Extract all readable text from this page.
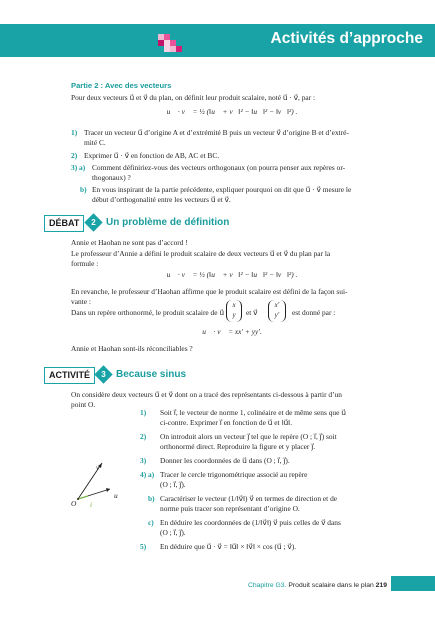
Activités d’approche
Partie 2 : Avec des vecteurs
Pour deux vecteurs u⃗ et v⃗ du plan, on définit leur produit scalaire, noté u⃗ · v⃗, par :
u⃗ · v⃗ = ½ (‖u⃗ + v⃗‖² − ‖u⃗‖² − ‖v⃗‖²) .
1) Tracer un vecteur u⃗ d’origine A et d’extrémité B puis un vecteur v⃗ d’origine B et d’extré-
mité C.
2) Exprimer u⃗ · v⃗ en fonction de AB, AC et BC.
3) a) Comment définiriez-vous des vecteurs orthogonaux (on pourra penser aux repères or-
thogonaux) ?
b) En vous inspirant de la partie précédente, expliquer pourquoi on dit que u⃗ · v⃗ mesure le
début d’orthogonalité entre les vecteurs u⃗ et v⃗.
DÉBAT	2	Un problème de définition
Annie et Haohan ne sont pas d’accord !
Le professeur d’Annie a défini le produit scalaire de deux vecteurs u⃗ et v⃗ du plan par la
formule :
u⃗ · v⃗ = ½ (‖u⃗ + v⃗‖² − ‖u⃗‖² − ‖v⃗‖²) .
En revanche, le professeur d’Haohan affirme que le produit scalaire est défini de la façon sui-
vante :
Dans un repère orthonormé, le produit scalaire de u⃗
x
y	et v⃗
x′
y′	est donné par :
u⃗ · v⃗ = xx′ + yy′.
Annie et Haohan sont-ils réconciliables ?
ACTIVITÉ	3	Because sinus
On considère deux vecteurs u⃗ et v⃗ dont on a tracé des représentants ci-dessous à partir d’un
point O.
v⃗
u⃗
i⃗
O
1) Soit i⃗, le vecteur de norme 1, colinéaire et de même sens que u⃗
ci-contre. Exprimer i⃗ en fonction de u⃗ et ‖u⃗‖.
2) On introduit alors un vecteur j⃗ tel que le repère (O ; i⃗, j⃗) soit
orthonormé direct. Reproduire la figure et y placer j⃗.
3) Donner les coordonnées de u⃗ dans (O ; i⃗, j⃗).
4) a) Tracer le cercle trigonométrique associé au repère
(O ; i⃗, j⃗).
b) Caractériser le vecteur (1/‖v⃗‖) v⃗ en termes de direction et de
norme puis tracer son représentant d’origine O.
c) En déduire les coordonnées de (1/‖v⃗‖) v⃗ puis celles de v⃗ dans
(O ; i⃗, j⃗).
5) En déduire que u⃗ · v⃗ = ‖u⃗‖ × ‖v⃗‖ × cos (u⃗ ; v⃗).
Chapitre G3. Produit scalaire dans le plan 219
